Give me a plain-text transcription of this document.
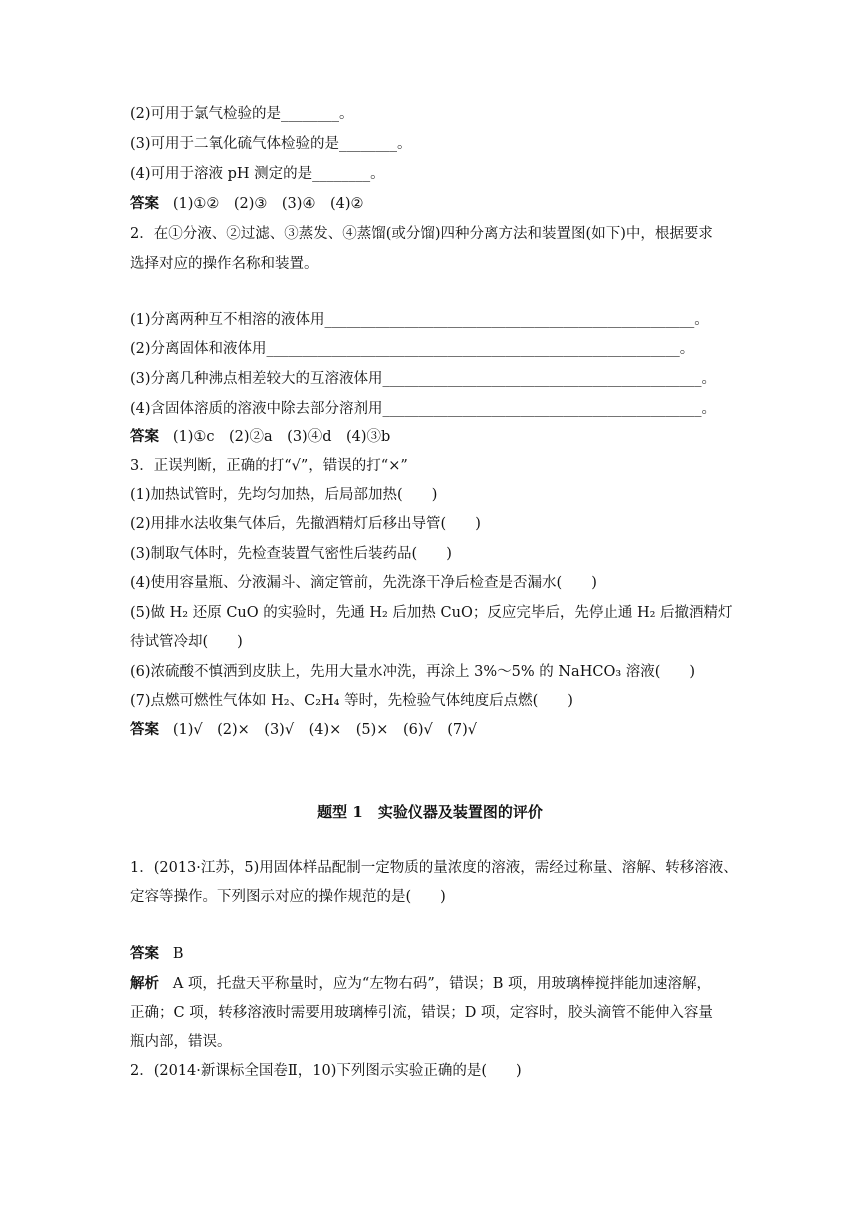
(2)可用于氯气检验的是________。
(3)可用于二氧化硫气体检验的是________。
(4)可用于溶液 pH 测定的是________。
答案 (1)①②　(2)③　(3)④　(4)②
2．在①分液、②过滤、③蒸发、④蒸馏(或分馏)四种分离方法和装置图(如下)中，根据要求
选择对应的操作名称和装置。
(1)分离两种互不相溶的液体用___________________________________________________。
(2)分离固体和液体用_________________________________________________________。
(3)分离几种沸点相差较大的互溶液体用____________________________________________。
(4)含固体溶质的溶液中除去部分溶剂用____________________________________________。
答案 (1)①c　(2)②a　(3)④d　(4)③b
3．正误判断，正确的打“√”，错误的打“×”
(1)加热试管时，先均匀加热，后局部加热(　　)
(2)用排水法收集气体后，先撤酒精灯后移出导管(　　)
(3)制取气体时，先检查装置气密性后装药品(　　)
(4)使用容量瓶、分液漏斗、滴定管前，先洗涤干净后检查是否漏水(　　)
(5)做 H₂ 还原 CuO 的实验时，先通 H₂ 后加热 CuO；反应完毕后，先停止通 H₂ 后撤酒精灯
待试管冷却(　　)
(6)浓硫酸不慎洒到皮肤上，先用大量水冲洗，再涂上 3%～5% 的 NaHCO₃ 溶液(　　)
(7)点燃可燃性气体如 H₂、C₂H₄ 等时，先检验气体纯度后点燃(　　)
答案 (1)√　(2)×　(3)√　(4)×　(5)×　(6)√　(7)√
题型 1　实验仪器及装置图的评价
1．(2013·江苏，5)用固体样品配制一定物质的量浓度的溶液，需经过称量、溶解、转移溶液、
定容等操作。下列图示对应的操作规范的是(　　)
答案 B
解析 A 项，托盘天平称量时，应为“左物右码”，错误；B 项，用玻璃棒搅拌能加速溶解，
正确；C 项，转移溶液时需要用玻璃棒引流，错误；D 项，定容时，胶头滴管不能伸入容量
瓶内部，错误。
2．(2014·新课标全国卷Ⅱ，10)下列图示实验正确的是(　　)
